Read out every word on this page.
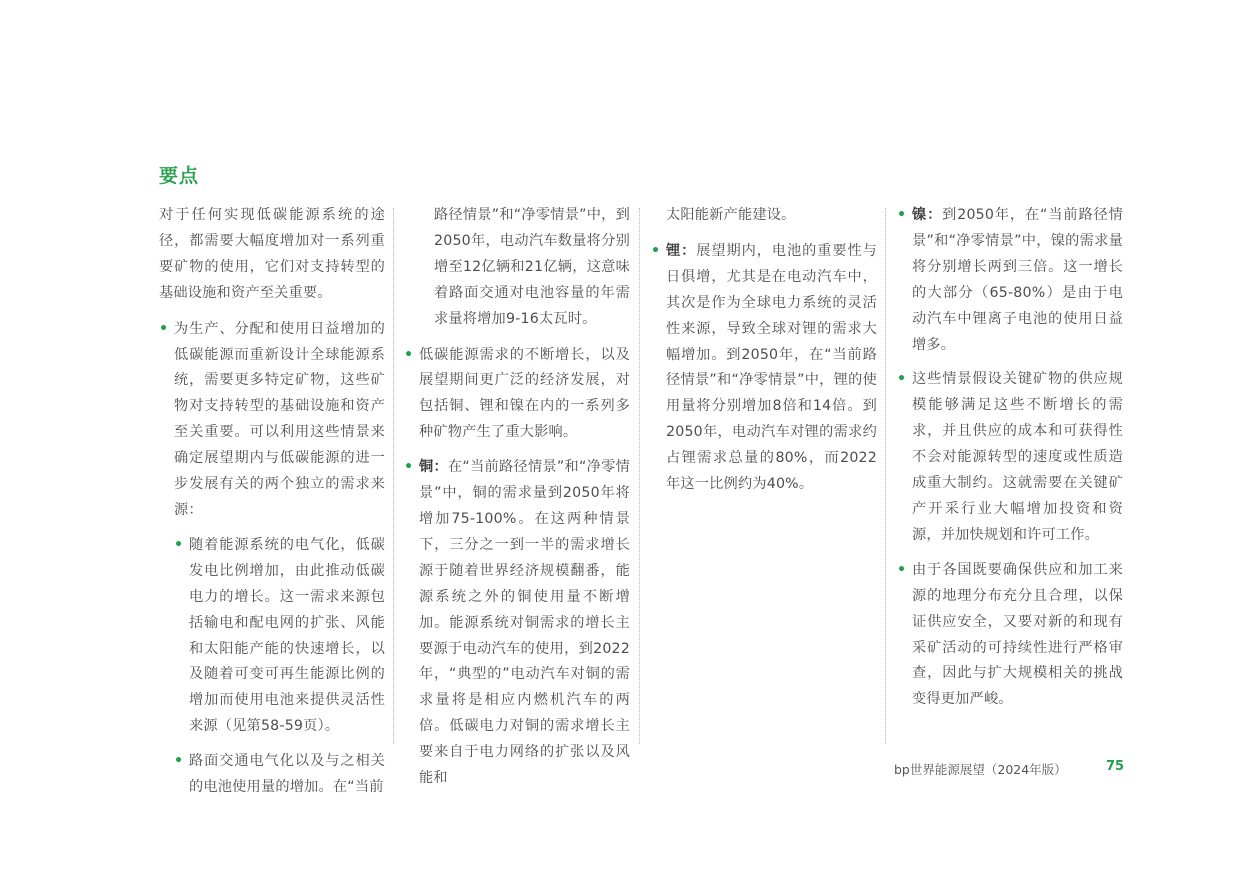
要点

对于任何实现低碳能源系统的途径，都需要大幅度增加对一系列重要矿物的使用，它们对支持转型的基础设施和资产至关重要。

• 为生产、分配和使用日益增加的低碳能源而重新设计全球能源系统，需要更多特定矿物，这些矿物对支持转型的基础设施和资产至关重要。可以利用这些情景来确定展望期内与低碳能源的进一步发展有关的两个独立的需求来源：
• 随着能源系统的电气化，低碳发电比例增加，由此推动低碳电力的增长。这一需求来源包括输电和配电网的扩张、风能和太阳能产能的快速增长，以及随着可变可再生能源比例的增加而使用电池来提供灵活性来源（见第58-59页）。
• 路面交通电气化以及与之相关的电池使用量的增加。在“当前

路径情景”和“净零情景”中，到2050年，电动汽车数量将分别增至12亿辆和21亿辆，这意味着路面交通对电池容量的年需求量将增加9-16太瓦时。

• 低碳能源需求的不断增长，以及展望期间更广泛的经济发展，对包括铜、锂和镍在内的一系列多种矿物产生了重大影响。
• 铜：在“当前路径情景”和“净零情景”中，铜的需求量到2050年将增加75-100%。在这两种情景下，三分之一到一半的需求增长源于随着世界经济规模翻番，能源系统之外的铜使用量不断增加。能源系统对铜需求的增长主要源于电动汽车的使用，到2022年，“典型的”电动汽车对铜的需求量将是相应内燃机汽车的两倍。低碳电力对铜的需求增长主要来自于电力网络的扩张以及风能和

太阳能新产能建设。

• 锂：展望期内，电池的重要性与日俱增，尤其是在电动汽车中，其次是作为全球电力系统的灵活性来源，导致全球对锂的需求大幅增加。到2050年，在“当前路径情景”和“净零情景”中，锂的使用量将分别增加8倍和14倍。到2050年，电动汽车对锂的需求约占锂需求总量的80%，而2022年这一比例约为40%。
• 镍：到2050年，在“当前路径情景”和“净零情景”中，镍的需求量将分别增长两到三倍。这一增长的大部分（65-80%）是由于电动汽车中锂离子电池的使用日益增多。
• 这些情景假设关键矿物的供应规模能够满足这些不断增长的需求，并且供应的成本和可获得性不会对能源转型的速度或性质造成重大制约。这就需要在关键矿产开采行业大幅增加投资和资源，并加快规划和许可工作。
• 由于各国既要确保供应和加工来源的地理分布充分且合理，以保证供应安全，又要对新的和现有采矿活动的可持续性进行严格审查，因此与扩大规模相关的挑战变得更加严峻。
bp世界能源展望（2024年版）	75
